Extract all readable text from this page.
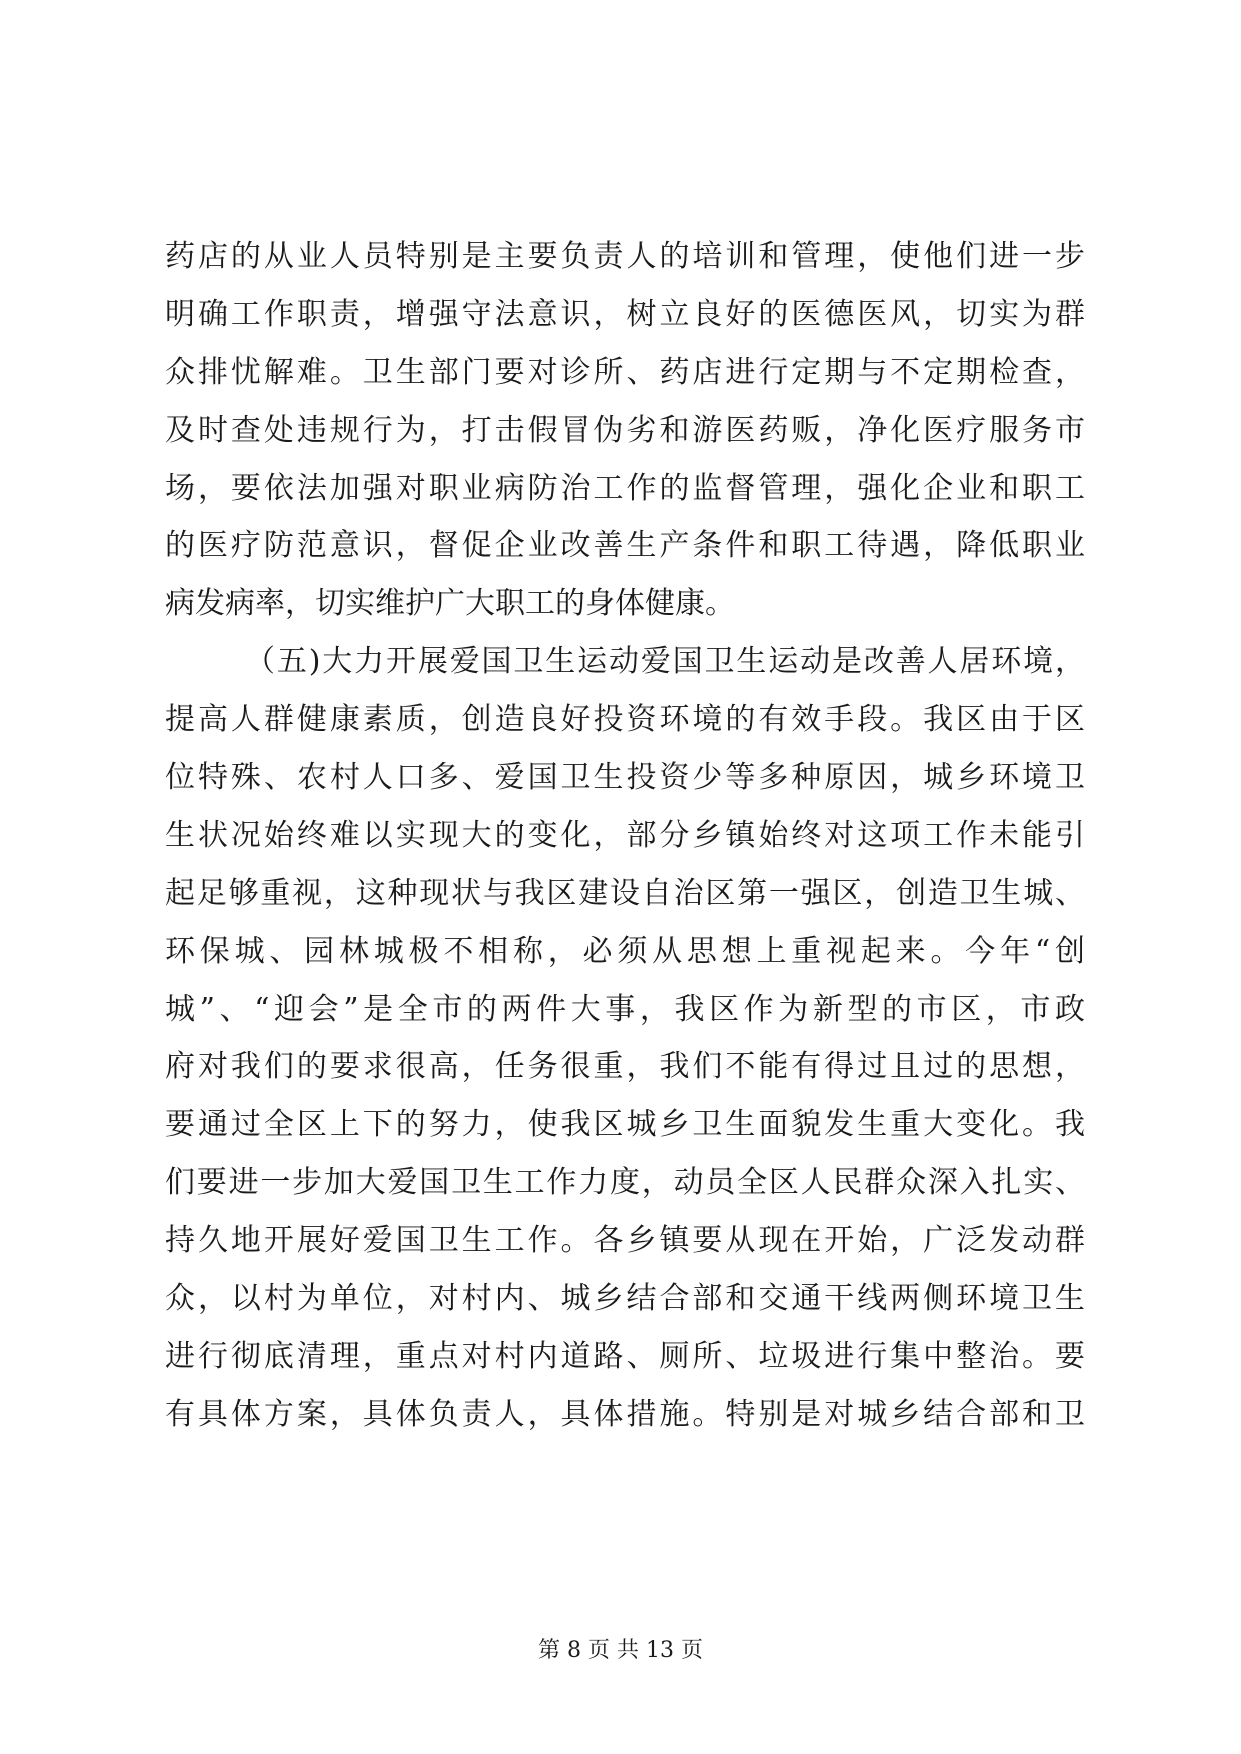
药店的从业人员特别是主要负责人的培训和管理，使他们进一步
明确工作职责，增强守法意识，树立良好的医德医风，切实为群
众排忧解难。卫生部门要对诊所、药店进行定期与不定期检查，
及时查处违规行为，打击假冒伪劣和游医药贩，净化医疗服务市
场，要依法加强对职业病防治工作的监督管理，强化企业和职工
的医疗防范意识，督促企业改善生产条件和职工待遇，降低职业
病发病率，切实维护广大职工的身体健康。
（五)大力开展爱国卫生运动爱国卫生运动是改善人居环境，
提高人群健康素质，创造良好投资环境的有效手段。我区由于区
位特殊、农村人口多、爱国卫生投资少等多种原因，城乡环境卫
生状况始终难以实现大的变化，部分乡镇始终对这项工作未能引
起足够重视，这种现状与我区建设自治区第一强区，创造卫生城、
环保城、园林城极不相称，必须从思想上重视起来。今年“创
城”、“迎会”是全市的两件大事，我区作为新型的市区，市政
府对我们的要求很高，任务很重，我们不能有得过且过的思想，
要通过全区上下的努力，使我区城乡卫生面貌发生重大变化。我
们要进一步加大爱国卫生工作力度，动员全区人民群众深入扎实、
持久地开展好爱国卫生工作。各乡镇要从现在开始，广泛发动群
众，以村为单位，对村内、城乡结合部和交通干线两侧环境卫生
进行彻底清理，重点对村内道路、厕所、垃圾进行集中整治。要
有具体方案，具体负责人，具体措施。特别是对城乡结合部和卫
第 8 页 共 13 页
